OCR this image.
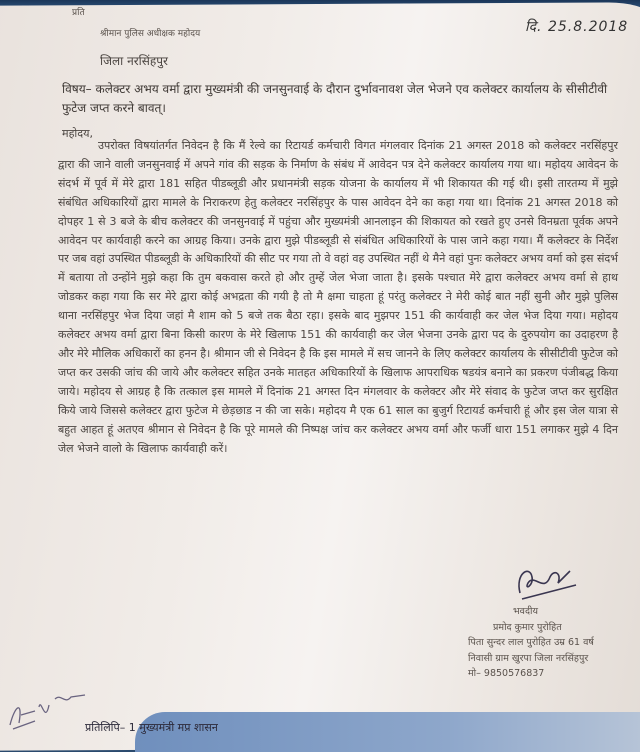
प्रति
श्रीमान पुलिस अधीक्षक महोदय
जिला नरसिंहपुर
दि. 25.8.2018
विषय– कलेक्टर अभय वर्मा द्वारा मुख्यमंत्री की जनसुनवाई के दौरान दुर्भावनावश जेल भेजने एव कलेक्टर कार्यालय के सीसीटीवी फुटेज जप्त करने बावत्।
महोदय,
उपरोक्त विषयांतर्गत निवेदन है कि मैं रेल्वे का रिटायर्ड कर्मचारी विगत मंगलवार दिनांक 21 अगस्त 2018 को कलेक्टर नरसिंहपुर द्वारा की जाने वाली जनसुनवाई में अपने गांव की सड़क के निर्माण के संबंध में आवेदन पत्र देने कलेक्टर कार्यालय गया था। महोदय आवेदन के संदर्भ में पूर्व में मेरे द्वारा 181 सहित पीडब्लूडी और प्रधानमंत्री सड़क योजना के कार्यालय में भी शिकायत की गई थी। इसी तारतम्य में मुझे संबंधित अधिकारियों द्वारा मामले के निराकरण हेतु कलेक्टर नरसिंहपुर के पास आवेदन देने का कहा गया था। दिनांक 21 अगस्त 2018 को दोपहर 1 से 3 बजे के बीच कलेक्टर की जनसुनवाई में पहुंचा और मुख्यमंत्री आनलाइन की शिकायत को रखते हुए उनसे विनम्रता पूर्वक अपने आवेदन पर कार्यवाही करने का आग्रह किया। उनके द्वारा मुझे पीडब्लूडी से संबंधित अधिकारियों के पास जाने कहा गया। मैं कलेक्टर के निर्देश पर जब वहां उपस्थित पीडब्लूडी के अधिकारियों की सीट पर गया तो वे वहां वह उपस्थित नहीं थे मैने वहां पुनः कलेक्टर अभय वर्मा को इस संदर्भ में बताया तो उन्होंने मुझे कहा कि तुम बकवास करते हो और तुम्हें जेल भेजा जाता है। इसके पश्चात मेरे द्वारा कलेक्टर अभय वर्मा से हाथ जोडकर कहा गया कि सर मेरे द्वारा कोई अभद्रता की गयी है तो मै क्षमा चाहता हूं परंतु कलेक्टर ने मेरी कोई बात नहीं सुनी और मुझे पुलिस थाना नरसिंहपुर भेज दिया जहां मै शाम को 5 बजे तक बैठा रहा। इसके बाद मुझपर 151 की कार्यवाही कर जेल भेज दिया गया। महोदय कलेक्टर अभय वर्मा द्वारा बिना किसी कारण के मेरे खिलाफ 151 की कार्यवाही कर जेल भेजना उनके द्वारा पद के दुरुपयोग का उदाहरण है और मेरे मौलिक अधिकारों का हनन है। श्रीमान जी से निवेदन है कि इस मामले में सच जानने के लिए कलेक्टर कार्यालय के सीसीटीवी फुटेज को जप्त कर उसकी जांच की जाये और कलेक्टर सहित उनके मातहत अधिकारियों के खिलाफ आपराधिक षडयंत्र बनाने का प्रकरण पंजीबद्ध किया जाये। महोदय से आग्रह है कि तत्काल इस मामले में दिनांक 21 अगस्त दिन मंगलवार के कलेक्टर और मेरे संवाद के फुटेज जप्त कर सुरक्षित किये जाये जिससे कलेक्टर द्वारा फुटेज मे छेड़छाड न की जा सके। महोदय मै एक 61 साल का बुजुर्ग रिटायर्ड कर्मचारी हूं और इस जेल यात्रा से बहुत आहत हूं अतएव श्रीमान से निवेदन है कि पूरे मामले की निष्पक्ष जांच कर कलेक्टर अभय वर्मा और फर्जी धारा 151 लगाकर मुझे 4 दिन जेल भेजने वालो के खिलाफ कार्यवाही करें।
भवदीय
प्रमोद कुमार पुरोहित
पिता सुन्दर लाल पुरोहित उम्र 61 वर्ष
निवासी ग्राम खुरपा जिला नरसिंहपुर
मो– 9850576837
प्रतिलिपि– 1 मुख्यमंत्री मप्र शासन
